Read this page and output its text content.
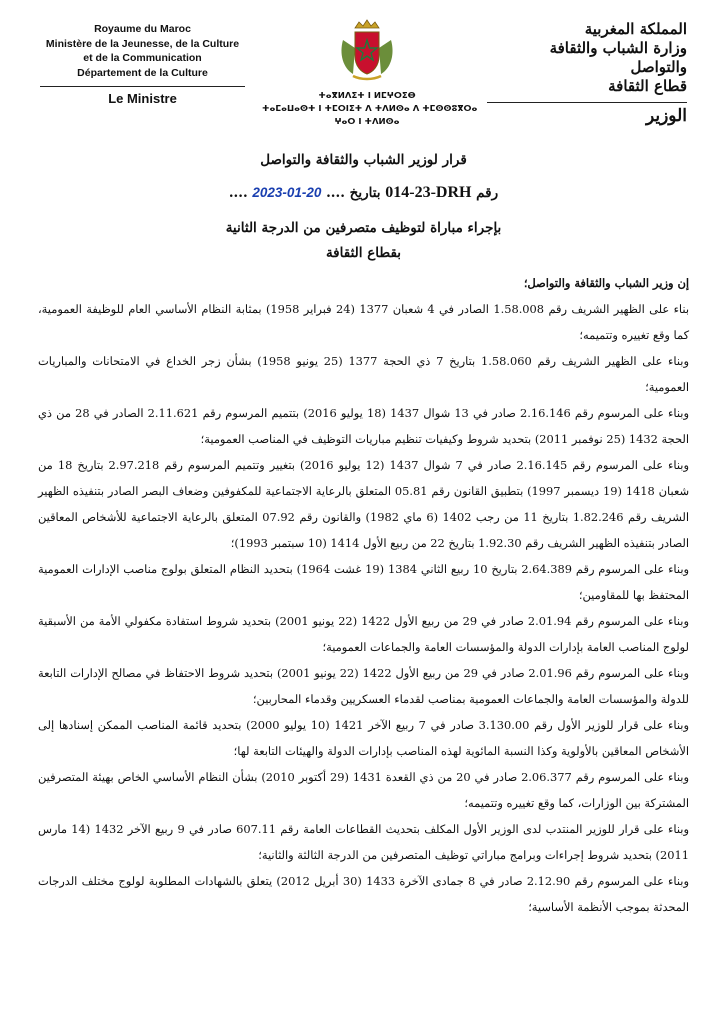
Royaume du Maroc
Ministère de la Jeunesse, de la Culture
et de la Communication
Département de la Culture
Le Ministre	ⵜⴰⴳⵍⴷⵉⵜ ⵏ ⵍⵎⵖⵔⵉⴱ
ⵜⴰⵎⴰⵡⴰⵙⵜ ⵏ ⵜⵎⵔⵏⵉⵜ ⴷ ⵜⴷⵍⵙⴰ ⴷ ⵜⵎⵙⵙⵓⴳⵔⴰ
ⵖⴰⵔ ⵏ ⵜⴷⵍⵙⴰ
المملكة المغربية
وزارة الشباب والثقافة
والتواصل
قطاع الثقافة
الوزير
قرار لوزير الشباب والثقافة والتواصل
رقم 014-23-DRH بتاريخ .... 2023-01-20 ....
بإجراء مباراة لتوظيف متصرفين من الدرجة الثانية
بقطاع الثقافة

إن وزير الشباب والثقافة والتواصل؛

بناء على الظهير الشريف رقم 1.58.008 الصادر في 4 شعبان 1377 (24 فبراير 1958) بمثابة النظام الأساسي العام للوظيفة العمومية، كما وقع تغييره وتتميمه؛

وبناء على الظهير الشريف رقم 1.58.060 بتاريخ 7 ذي الحجة 1377 (25 يونيو 1958) بشأن زجر الخداع في الامتحانات والمباريات العمومية؛

وبناء على المرسوم رقم 2.16.146 صادر في 13 شوال 1437 (18 يوليو 2016) بتتميم المرسوم رقم 2.11.621 الصادر في 28 من ذي الحجة 1432 (25 نوفمبر 2011) بتحديد شروط وكيفيات تنظيم مباريات التوظيف في المناصب العمومية؛

وبناء على المرسوم رقم 2.16.145 صادر في 7 شوال 1437 (12 يوليو 2016) بتغيير وتتميم المرسوم رقم 2.97.218 بتاريخ 18 من شعبان 1418 (19 ديسمبر 1997) بتطبيق القانون رقم 05.81 المتعلق بالرعاية الاجتماعية للمكفوفين وضعاف البصر الصادر بتنفيذه الظهير الشريف رقم 1.82.246 بتاريخ 11 من رجب 1402 (6 ماي 1982) والقانون رقم 07.92 المتعلق بالرعاية الاجتماعية للأشخاص المعاقين الصادر بتنفيذه الظهير الشريف رقم 1.92.30 بتاريخ 22 من ربيع الأول 1414 (10 سبتمبر 1993)؛

وبناء على المرسوم رقم 2.64.389 بتاريخ 10 ربيع الثاني 1384 (19 غشت 1964) بتحديد النظام المتعلق بولوج مناصب الإدارات العمومية المحتفظ بها للمقاومين؛

وبناء على المرسوم رقم 2.01.94 صادر في 29 من ربيع الأول 1422 (22 يونيو 2001) بتحديد شروط استفادة مكفولي الأمة من الأسبقية لولوج المناصب العامة بإدارات الدولة والمؤسسات العامة والجماعات العمومية؛

وبناء على المرسوم رقم 2.01.96 صادر في 29 من ربيع الأول 1422 (22 يونيو 2001) بتحديد شروط الاحتفاظ في مصالح الإدارات التابعة للدولة والمؤسسات العامة والجماعات العمومية بمناصب لقدماء العسكريين وقدماء المحاربين؛

وبناء على قرار للوزير الأول رقم 3.130.00 صادر في 7 ربيع الآخر 1421 (10 يوليو 2000) بتحديد قائمة المناصب الممكن إسنادها إلى الأشخاص المعاقين بالأولوية وكذا النسبة المائوية لهذه المناصب بإدارات الدولة والهيئات التابعة لها؛

وبناء على المرسوم رقم 2.06.377 صادر في 20 من ذي القعدة 1431 (29 أكتوبر 2010) بشأن النظام الأساسي الخاص بهيئة المتصرفين المشتركة بين الوزارات، كما وقع تغييره وتتميمه؛

وبناء على قرار للوزير المنتدب لدى الوزير الأول المكلف بتحديث القطاعات العامة رقم 607.11 صادر في 9 ربيع الآخر 1432 (14 مارس 2011) بتحديد شروط إجراءات وبرامج مباراتي توظيف المتصرفين من الدرجة الثالثة والثانية؛

وبناء على المرسوم رقم 2.12.90 صادر في 8 جمادى الآخرة 1433 (30 أبريل 2012) يتعلق بالشهادات المطلوبة لولوج مختلف الدرجات المحدثة بموجب الأنظمة الأساسية؛
